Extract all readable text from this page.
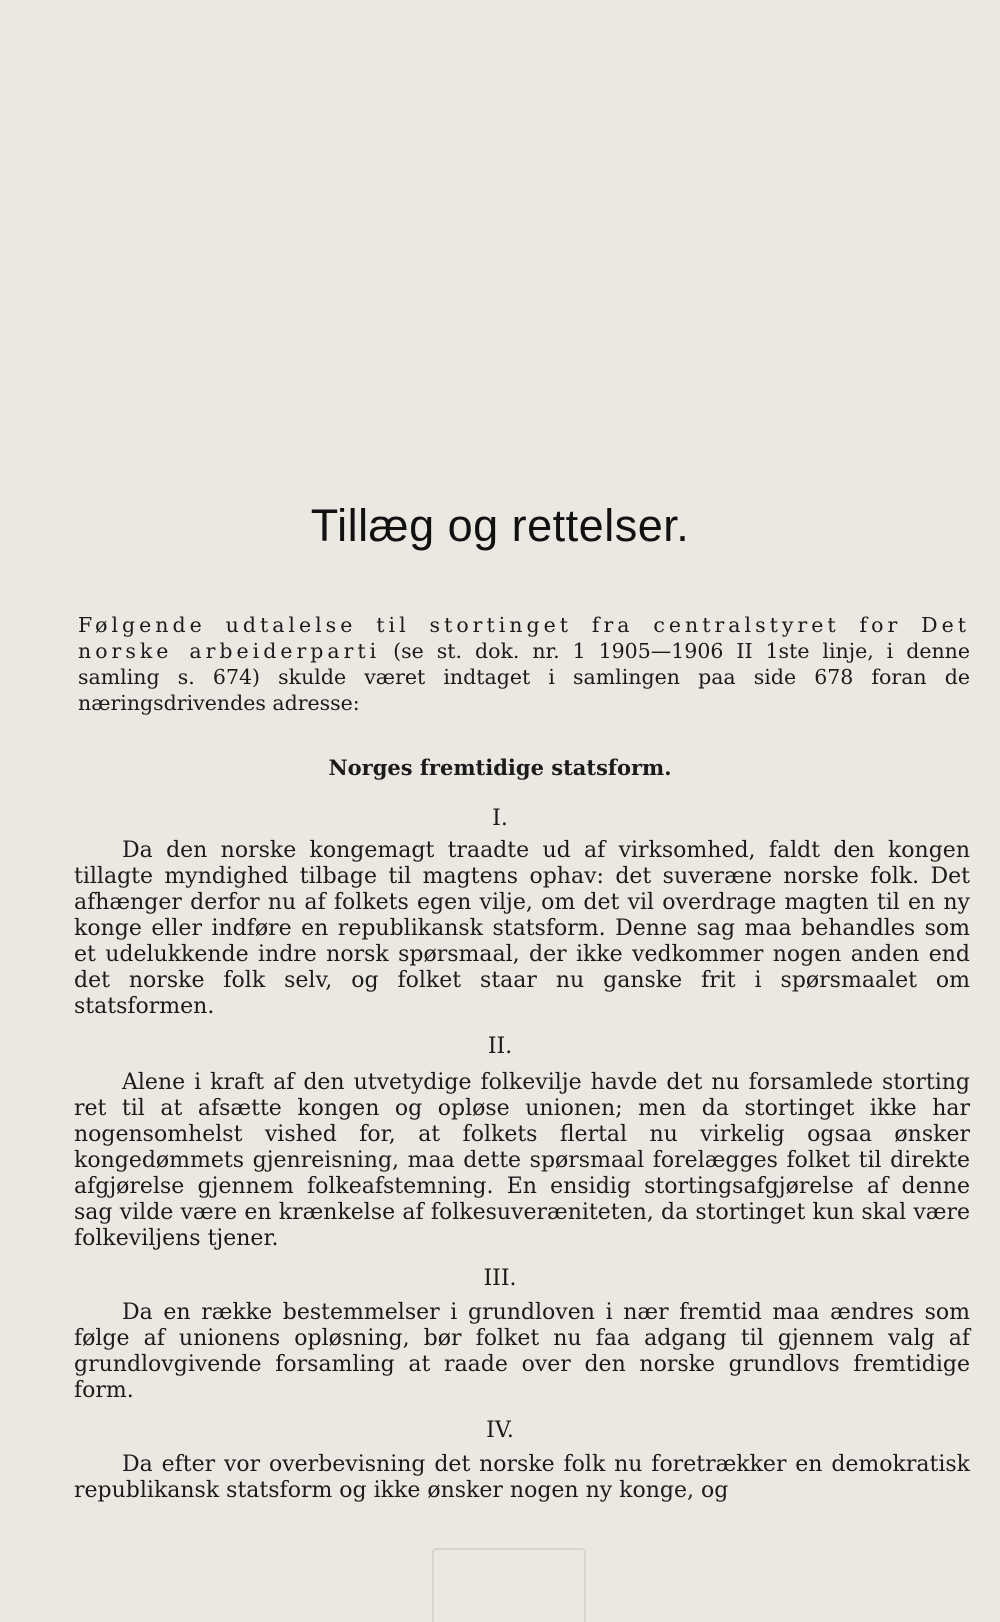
Tillæg og rettelser.

Følgende udtalelse til stortinget fra centralstyret for Det norske arbeiderparti (se st. dok. nr. 1 1905—1906 II 1ste linje, i denne samling s. 674) skulde været indtaget i samlingen paa side 678 foran de næringsdrivendes adresse:

Norges fremtidige statsform.
I.

Da den norske kongemagt traadte ud af virksomhed, faldt den kongen tillagte myndighed tilbage til magtens ophav: det suveræne norske folk. Det afhænger derfor nu af folkets egen vilje, om det vil overdrage magten til en ny konge eller indføre en republikansk statsform. Denne sag maa behandles som et udelukkende indre norsk spørsmaal, der ikke vedkommer nogen anden end det norske folk selv, og folket staar nu ganske frit i spørsmaalet om statsformen.

II.

Alene i kraft af den utvetydige folkevilje havde det nu forsamlede storting ret til at afsætte kongen og opløse unionen; men da stortinget ikke har nogensomhelst vished for, at folkets flertal nu virkelig ogsaa ønsker kongedømmets gjenreisning, maa dette spørsmaal forelægges folket til direkte afgjørelse gjennem folkeafstemning. En ensidig stortingsafgjørelse af denne sag vilde være en krænkelse af folkesuveræniteten, da stortinget kun skal være folkeviljens tjener.

III.

Da en række bestemmelser i grundloven i nær fremtid maa ændres som følge af unionens opløsning, bør folket nu faa adgang til gjennem valg af grundlovgivende forsamling at raade over den norske grundlovs fremtidige form.

IV.

Da efter vor overbevisning det norske folk nu foretrækker en demokratisk republikansk statsform og ikke ønsker nogen ny konge, og
